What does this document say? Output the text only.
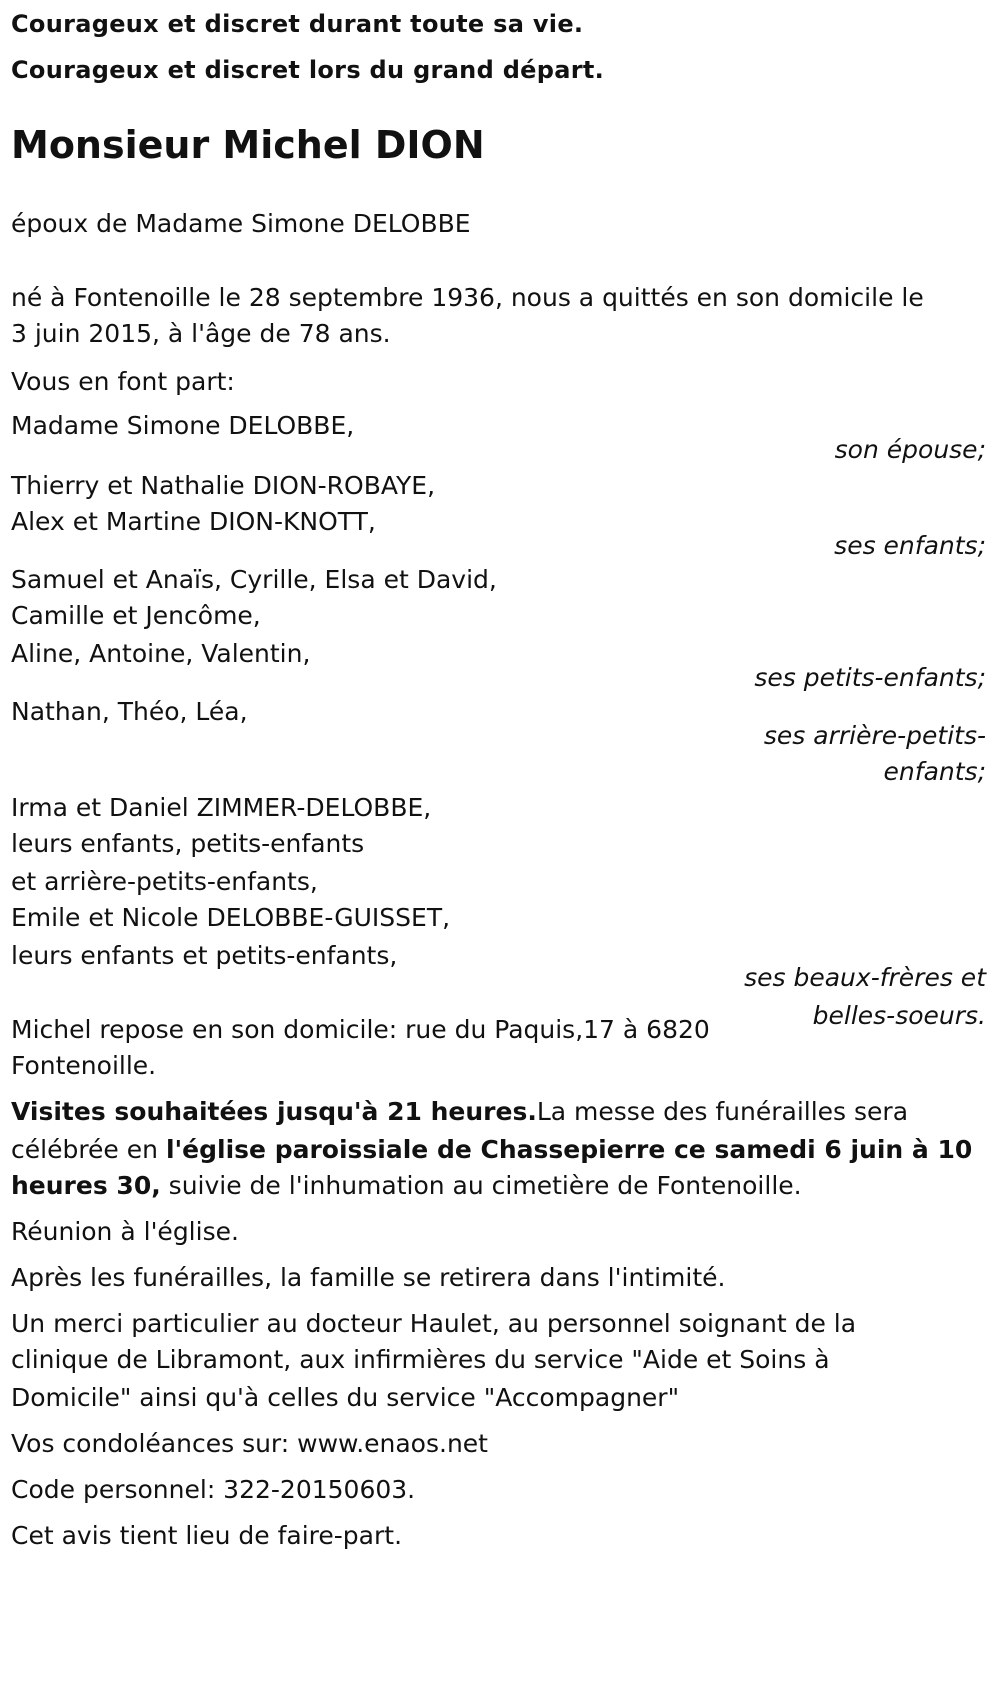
Courageux et discret durant toute sa vie.
Courageux et discret lors du grand départ.
Monsieur Michel DION
époux de Madame Simone DELOBBE
né à Fontenoille le 28 septembre 1936, nous a quittés en son domicile le
3 juin 2015, à l'âge de 78 ans.
Vous en font part:
Madame Simone DELOBBE,
son épouse;
Thierry et Nathalie DION-ROBAYE,
Alex et Martine DION-KNOTT,
ses enfants;
Samuel et Anaïs, Cyrille, Elsa et David,
Camille et Jencôme,
Aline, Antoine, Valentin,
ses petits-enfants;
Nathan, Théo, Léa,
ses arrière-petits-
enfants;
Irma et Daniel ZIMMER-DELOBBE,
leurs enfants, petits-enfants
et arrière-petits-enfants,
Emile et Nicole DELOBBE-GUISSET,
leurs enfants et petits-enfants,
ses beaux-frères et
belles-soeurs.
Michel repose en son domicile: rue du Paquis,17 à 6820
Fontenoille.
Visites souhaitées jusqu'à 21 heures.La messe des funérailles sera
célébrée en l'église paroissiale de Chassepierre ce samedi 6 juin à 10
heures 30, suivie de l'inhumation au cimetière de Fontenoille.
Réunion à l'église.
Après les funérailles, la famille se retirera dans l'intimité.
Un merci particulier au docteur Haulet, au personnel soignant de la
clinique de Libramont, aux infirmières du service "Aide et Soins à
Domicile" ainsi qu'à celles du service "Accompagner"
Vos condoléances sur: www.enaos.net
Code personnel: 322-20150603.
Cet avis tient lieu de faire-part.
